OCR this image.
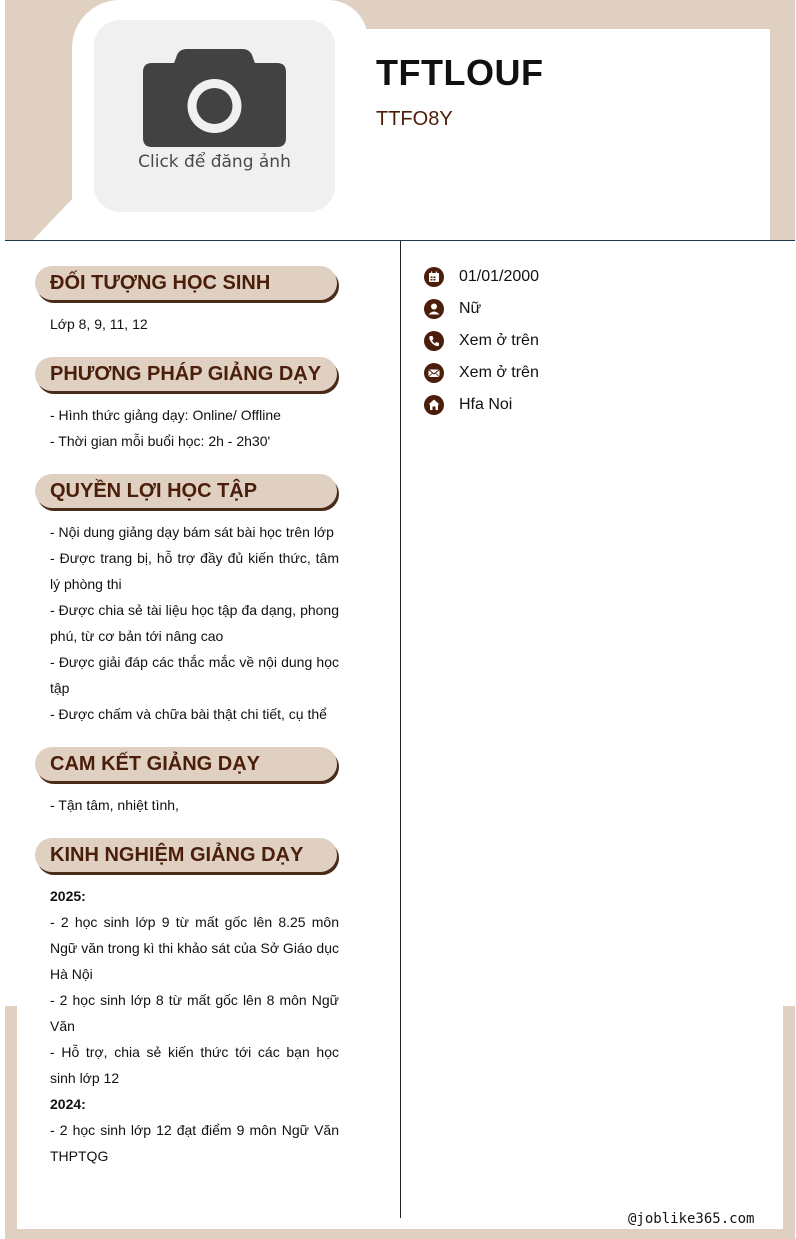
Click để đăng ảnh
TFTLOUF
TTFO8Y
ĐỐI TƯỢNG HỌC SINH

Lớp 8, 9, 11, 12

PHƯƠNG PHÁP GIẢNG DẠY

- Hình thức giảng dạy: Online/ Offline

- Thời gian mỗi buổi học: 2h - 2h30'

QUYỀN LỢI HỌC TẬP

- Nội dung giảng dạy bám sát bài học trên lớp

- Được trang bị, hỗ trợ đầy đủ kiến thức, tâm lý phòng thi

- Được chia sẻ tài liệu học tập đa dạng, phong phú, từ cơ bản tới nâng cao

- Được giải đáp các thắc mắc về nội dung học tập

- Được chấm và chữa bài thật chi tiết, cụ thể

CAM KẾT GIẢNG DẠY

- Tận tâm, nhiệt tình,

KINH NGHIỆM GIẢNG DẠY

2025:

- 2 học sinh lớp 9 từ mất gốc lên 8.25 môn Ngữ văn trong kì thi khảo sát của Sở Giáo dục Hà Nội

- 2 học sinh lớp 8 từ mất gốc lên 8 môn Ngữ Văn

- Hỗ trợ, chia sẻ kiến thức tới các bạn học sinh lớp 12

2024:

- 2 học sinh lớp 12 đạt điểm 9 môn Ngữ Văn THPTQG

01/01/2000
Nữ
Xem ở trên
Xem ở trên
Hfa Noi
@joblike365.com
